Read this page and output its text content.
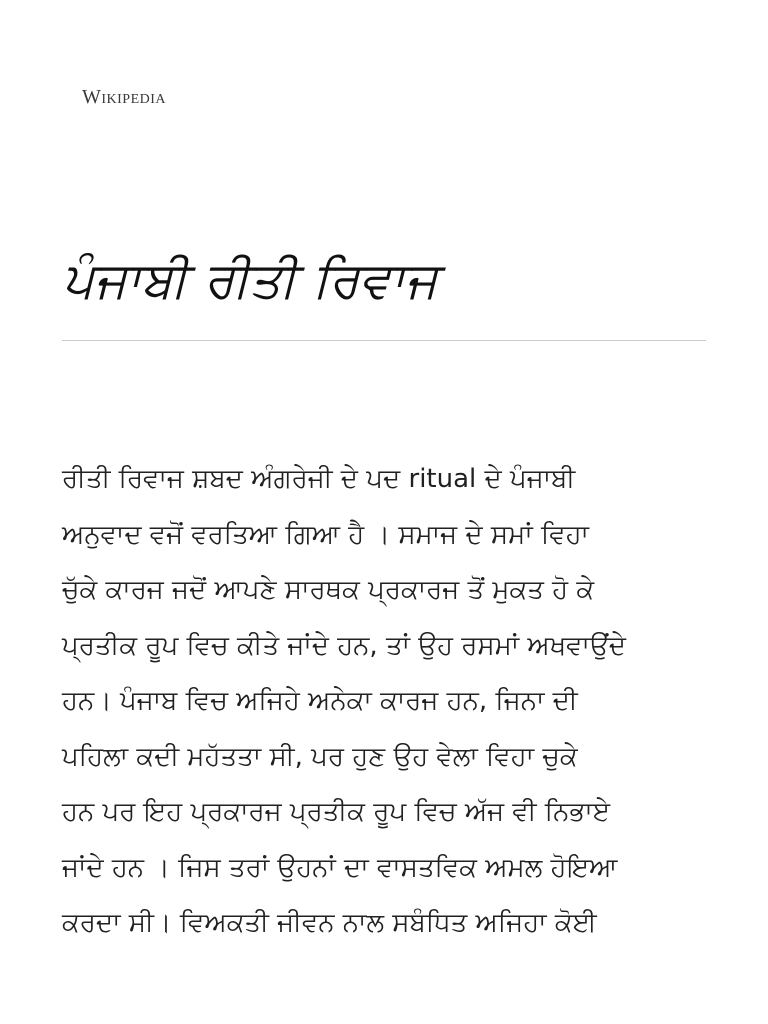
Wikipedia
ਪੰਜਾਬੀ ਰੀਤੀ ਰਿਵਾਜ

ਰੀਤੀ ਰਿਵਾਜ ਸ਼ਬਦ ਅੰਗਰੇਜੀ ਦੇ ਪਦ ritual ਦੇ ਪੰਜਾਬੀ
ਅਨੁਵਾਦ ਵਜੋਂ ਵਰਤਿਆ ਗਿਆ ਹੈ । ਸਮਾਜ ਦੇ ਸਮਾਂ ਵਿਹਾ
ਚੁੱਕੇ ਕਾਰਜ ਜਦੋਂ ਆਪਣੇ ਸਾਰਥਕ ਪ੍ਰਕਾਰਜ ਤੋਂ ਮੁਕਤ ਹੋ ਕੇ
ਪ੍ਰਤੀਕ ਰੂਪ ਵਿਚ ਕੀਤੇ ਜਾਂਦੇ ਹਨ, ਤਾਂ ਉਹ ਰਸਮਾਂ ਅਖਵਾਉਂਦੇ
ਹਨ। ਪੰਜਾਬ ਵਿਚ ਅਜਿਹੇ ਅਨੇਕਾ ਕਾਰਜ ਹਨ, ਜਿਨਾ ਦੀ
ਪਹਿਲਾ ਕਦੀ ਮਹੱਤਤਾ ਸੀ, ਪਰ ਹੁਣ ਉਹ ਵੇਲਾ ਵਿਹਾ ਚੁਕੇ
ਹਨ ਪਰ ਇਹ ਪ੍ਰਕਾਰਜ ਪ੍ਰਤੀਕ ਰੂਪ ਵਿਚ ਅੱਜ ਵੀ ਨਿਭਾਏ
ਜਾਂਦੇ ਹਨ । ਜਿਸ ਤਰਾਂ ਉਹਨਾਂ ਦਾ ਵਾਸਤਵਿਕ ਅਮਲ ਹੋਇਆ
ਕਰਦਾ ਸੀ। ਵਿਅਕਤੀ ਜੀਵਨ ਨਾਲ ਸਬੰਧਿਤ ਅਜਿਹਾ ਕੋਈ
